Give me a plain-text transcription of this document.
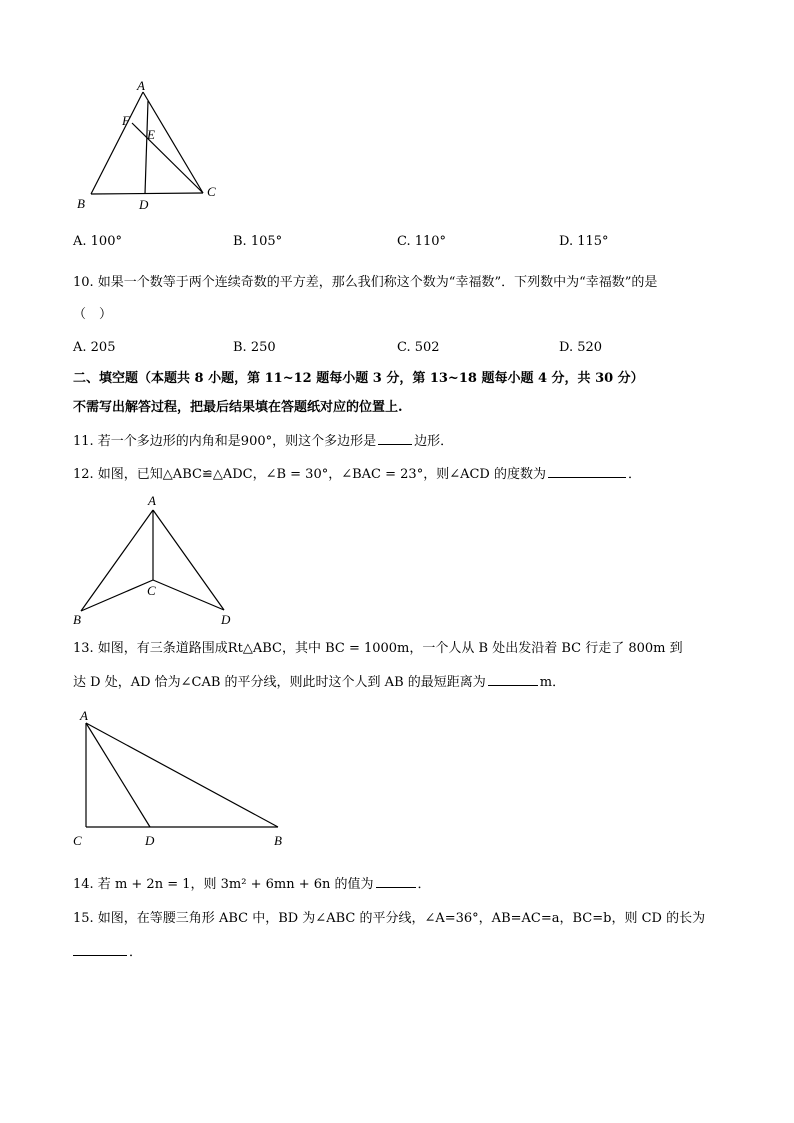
A
B
C
D
E
F
A. 100°	B. 105°	C. 110°	D. 115°
10. 如果一个数等于两个连续奇数的平方差，那么我们称这个数为“幸福数”．下列数中为“幸福数”的是
（　）
A. 205	B. 250	C. 502	D. 520
二、填空题（本题共 8 小题，第 11~12 题每小题 3 分，第 13~18 题每小题 4 分，共 30 分）
不需写出解答过程，把最后结果填在答题纸对应的位置上.
11. 若一个多边形的内角和是900°，则这个多边形是	边形．
12. 如图，已知△ABC≌△ADC，∠B = 30°，∠BAC = 23°，则∠ACD 的度数为	．
A
B
C
D
13. 如图，有三条道路围成Rt△ABC，其中 BC = 1000m，一个人从 B 处出发沿着 BC 行走了 800m 到
达 D 处，AD 恰为∠CAB 的平分线，则此时这个人到 AB 的最短距离为	m．
A
C	D	B
14. 若 m + 2n = 1，则 3m² + 6mn + 6n 的值为	．
15. 如图，在等腰三角形 ABC 中，BD 为∠ABC 的平分线，∠A=36°，AB=AC=a，BC=b，则 CD 的长为
．
